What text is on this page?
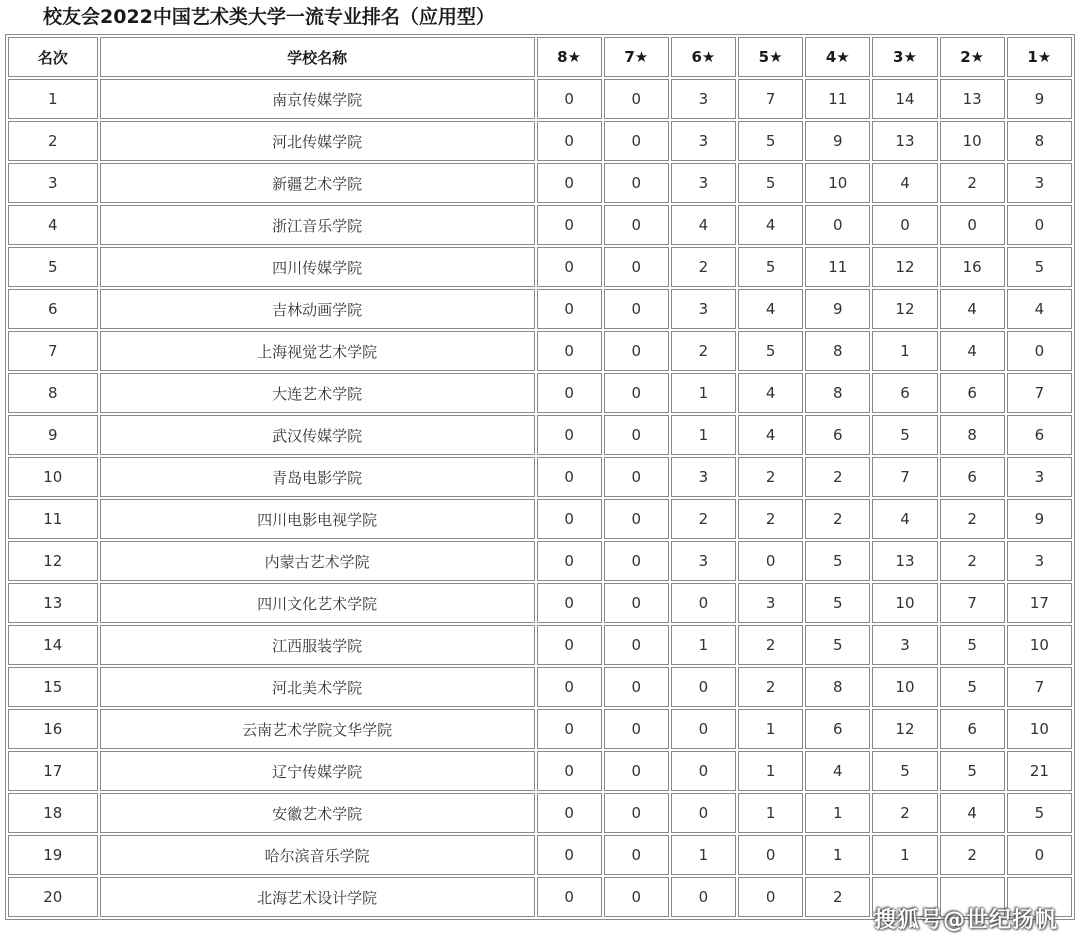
校友会2022中国艺术类大学一流专业排名（应用型）
名次	学校名称	8★	7★	6★	5★	4★	3★	2★	1★
1	南京传媒学院	0	0	3	7	11	14	13	9
2	河北传媒学院	0	0	3	5	9	13	10	8
3	新疆艺术学院	0	0	3	5	10	4	2	3
4	浙江音乐学院	0	0	4	4	0	0	0	0
5	四川传媒学院	0	0	2	5	11	12	16	5
6	吉林动画学院	0	0	3	4	9	12	4	4
7	上海视觉艺术学院	0	0	2	5	8	1	4	0
8	大连艺术学院	0	0	1	4	8	6	6	7
9	武汉传媒学院	0	0	1	4	6	5	8	6
10	青岛电影学院	0	0	3	2	2	7	6	3
11	四川电影电视学院	0	0	2	2	2	4	2	9
12	内蒙古艺术学院	0	0	3	0	5	13	2	3
13	四川文化艺术学院	0	0	0	3	5	10	7	17
14	江西服装学院	0	0	1	2	5	3	5	10
15	河北美术学院	0	0	0	2	8	10	5	7
16	云南艺术学院文华学院	0	0	0	1	6	12	6	10
17	辽宁传媒学院	0	0	0	1	4	5	5	21
18	安徽艺术学院	0	0	0	1	1	2	4	5
19	哈尔滨音乐学院	0	0	1	0	1	1	2	0
20	北海艺术设计学院	0	0	0	0	2			
搜狐号@世纪扬帆
